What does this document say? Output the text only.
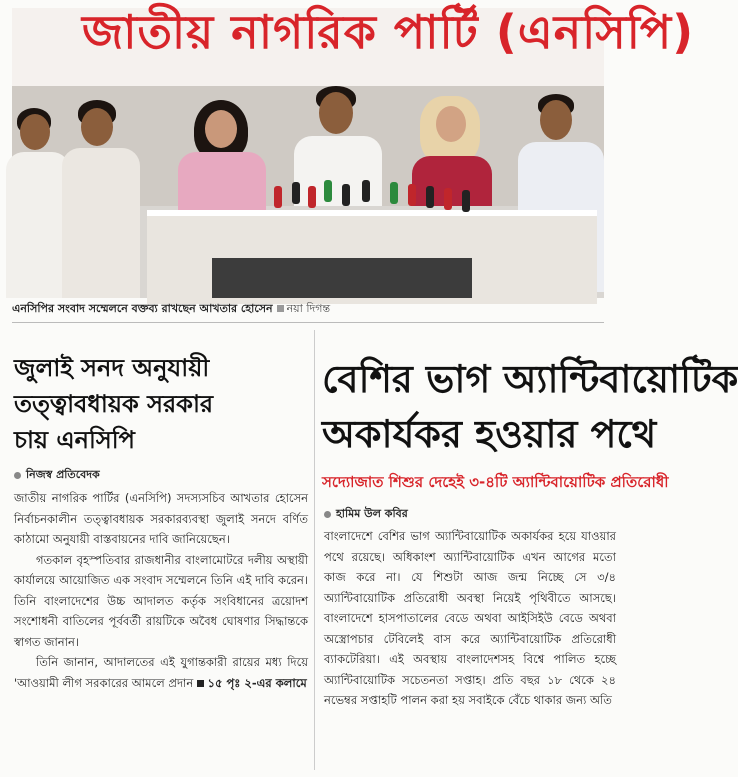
জাতীয় নাগরিক পার্টি (এনসিপি)
এনসিপির সংবাদ সম্মেলনে বক্তব্য রাখছেন আখতার হোসেন নয়া দিগন্ত
জুলাই সনদ অনুযায়ী
তত্ত্বাবধায়ক সরকার
চায় এনসিপি
নিজস্ব প্রতিবেদক

জাতীয় নাগরিক পার্টির (এনসিপি) সদস্যসচিব আখতার হোসেন নির্বাচনকালীন তত্ত্বাবধায়ক সরকারব্যবস্থা জুলাই সনদে বর্ণিত কাঠামো অনুযায়ী বাস্তবায়নের দাবি জানিয়েছেন।

গতকাল বৃহস্পতিবার রাজধানীর বাংলামোটরে দলীয় অস্থায়ী কার্যালয়ে আয়োজিত এক সংবাদ সম্মেলনে তিনি এই দাবি করেন। তিনি বাংলাদেশের উচ্চ আদালত কর্তৃক সংবিধানের ত্রয়োদশ সংশোধনী বাতিলের পূর্ববর্তী রায়টিকে অবৈধ ঘোষণার সিদ্ধান্তকে স্বাগত জানান।

তিনি জানান, আদালতের এই যুগান্তকারী রায়ের মধ্য দিয়ে 'আওয়ামী লীগ সরকারের আমলে প্রদান ১৫ পৃঃ ২-এর কলামে

বেশির ভাগ অ্যান্টিবায়োটিক
অকার্যকর হওয়ার পথে
সদ্যোজাত শিশুর দেহেই ৩-৪টি অ্যান্টিবায়োটিক প্রতিরোধী
হামিম উল কবির
বাংলাদেশে বেশির ভাগ অ্যান্টিবায়োটিক অকার্যকর হয়ে যাওয়ার পথে রয়েছে। অধিকাংশ অ্যান্টিবায়োটিক এখন আগের মতো কাজ করে না। যে শিশুটা আজ জন্ম নিচ্ছে সে ৩/৪ অ্যান্টিবায়োটিক প্রতিরোধী অবস্থা নিয়েই পৃথিবীতে আসছে। বাংলাদেশে হাসপাতালের বেডে অথবা আইসিইউ বেডে অথবা অস্ত্রোপচার টেবিলেই বাস করে অ্যান্টিবায়োটিক প্রতিরোধী ব্যাকটেরিয়া। এই অবস্থায় বাংলাদেশসহ বিশ্বে পালিত হচ্ছে অ্যান্টিবায়োটিক সচেতনতা সপ্তাহ। প্রতি বছর ১৮ থেকে ২৪ নভেম্বর সপ্তাহটি পালন করা হয় সবাইকে বেঁচে থাকার জন্য অতি
